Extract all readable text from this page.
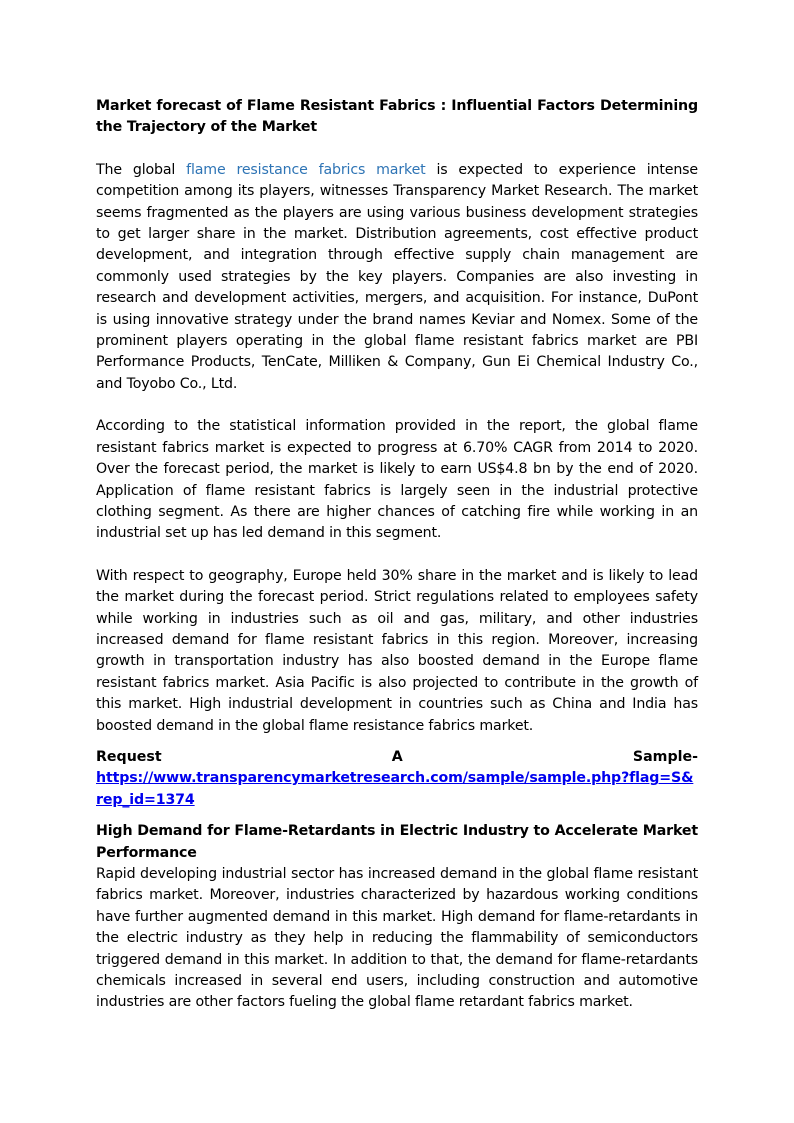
Market forecast of Flame Resistant Fabrics : Influential Factors Determining the Trajectory of the Market

The global flame resistance fabrics market is expected to experience intense competition among its players, witnesses Transparency Market Research. The market seems fragmented as the players are using various business development strategies to get larger share in the market. Distribution agreements, cost effective product development, and integration through effective supply chain management are commonly used strategies by the key players. Companies are also investing in research and development activities, mergers, and acquisition. For instance, DuPont is using innovative strategy under the brand names Keviar and Nomex. Some of the prominent players operating in the global flame resistant fabrics market are PBI Performance Products, TenCate, Milliken & Company, Gun Ei Chemical Industry Co., and Toyobo Co., Ltd.

According to the statistical information provided in the report, the global flame resistant fabrics market is expected to progress at 6.70% CAGR from 2014 to 2020. Over the forecast period, the market is likely to earn US$4.8 bn by the end of 2020. Application of flame resistant fabrics is largely seen in the industrial protective clothing segment. As there are higher chances of catching fire while working in an industrial set up has led demand in this segment.

With respect to geography, Europe held 30% share in the market and is likely to lead the market during the forecast period. Strict regulations related to employees safety while working in industries such as oil and gas, military, and other industries increased demand for flame resistant fabrics in this region. Moreover, increasing growth in transportation industry has also boosted demand in the Europe flame resistant fabrics market. Asia Pacific is also projected to contribute in the growth of this market. High industrial development in countries such as China and India has boosted demand in the global flame resistance fabrics market.

Request	A	Sample-
https://www.transparencymarketresearch.com/sample/sample.php?flag=S&rep_id=1374

High Demand for Flame-Retardants in Electric Industry to Accelerate Market Performance

Rapid developing industrial sector has increased demand in the global flame resistant fabrics market. Moreover, industries characterized by hazardous working conditions have further augmented demand in this market. High demand for flame-retardants in the electric industry as they help in reducing the flammability of semiconductors triggered demand in this market. In addition to that, the demand for flame-retardants chemicals increased in several end users, including construction and automotive industries are other factors fueling the global flame retardant fabrics market.
